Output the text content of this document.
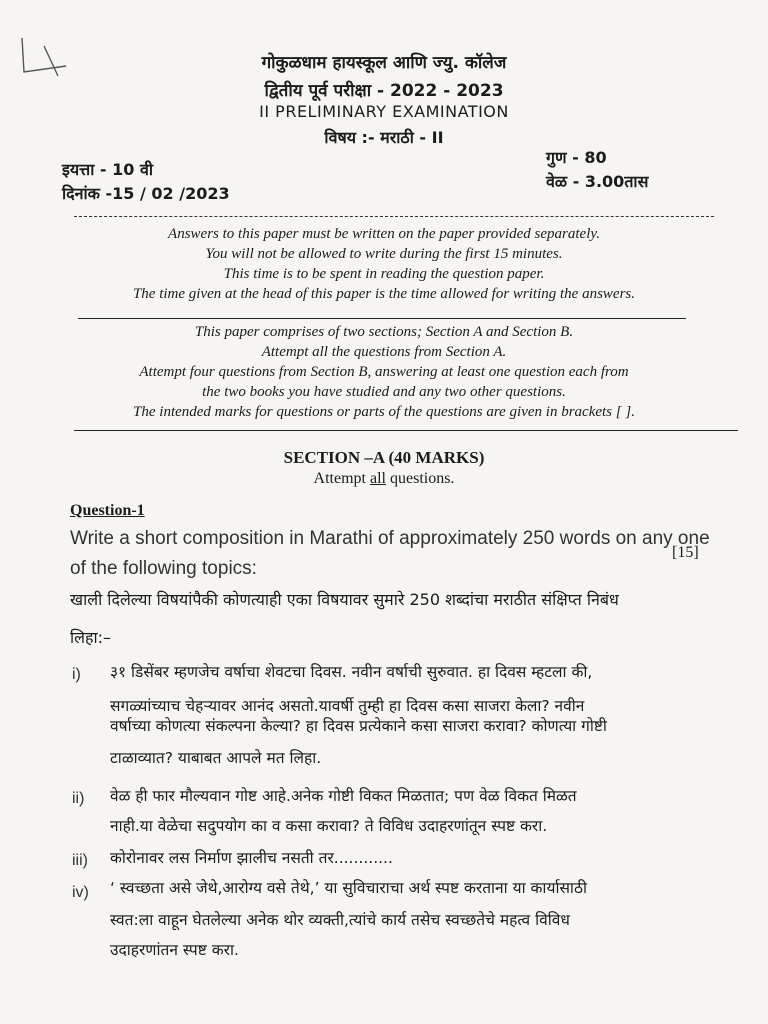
गोकुळधाम हायस्कूल आणि ज्यु. कॉलेज
द्वितीय पूर्व परीक्षा - 2022 - 2023
II PRELIMINARY EXAMINATION
विषय :- मराठी - II
इयत्ता - 10 वी
दिनांक -15 / 02 /2023
गुण - 80
वेळ - 3.00तास
Answers to this paper must be written on the paper provided separately.
You will not be allowed to write during the first 15 minutes.
This time is to be spent in reading the question paper.
The time given at the head of this paper is the time allowed for writing the answers.
This paper comprises of two sections; Section A and Section B.
Attempt all the questions from Section A.
Attempt four questions from Section B, answering at least one question each from
the two books you have studied and any two other questions.
The intended marks for questions or parts of the questions are given in brackets [ ].
SECTION –A (40 MARKS)
Attempt all questions.
Question-1
Write a short composition in Marathi of approximately 250 words on any one
[15]
of the following topics:
खाली दिलेल्या विषयांपैकी कोणत्याही एका विषयावर सुमारे 250 शब्दांचा मराठीत संक्षिप्त निबंध
लिहा:–
i) ३१ डिसेंबर म्हणजेच वर्षाचा शेवटचा दिवस. नवीन वर्षाची सुरुवात. हा दिवस म्हटला की,
सगळ्यांच्याच चेहऱ्यावर आनंद असतो.यावर्षी तुम्ही हा दिवस कसा साजरा केला? नवीन
वर्षाच्या कोणत्या संकल्पना केल्या? हा दिवस प्रत्येकाने कसा साजरा करावा? कोणत्या गोष्टी
टाळाव्यात? याबाबत आपले मत लिहा.
ii) वेळ ही फार मौल्यवान गोष्ट आहे.अनेक गोष्टी विकत मिळतात; पण वेळ विकत मिळत
नाही.या वेळेचा सदुपयोग का व कसा करावा? ते विविध उदाहरणांतून स्पष्ट करा.
iii) कोरोनावर लस निर्माण झालीच नसती तर............
iv) ‘ स्वच्छता असे जेथे,आरोग्य वसे तेथे,’ या सुविचाराचा अर्थ स्पष्ट करताना या कार्यासाठी
स्वत:ला वाहून घेतलेल्या अनेक थोर व्यक्ती,त्यांचे कार्य तसेच स्वच्छतेचे महत्व विविध
उदाहरणांतन स्पष्ट करा.
